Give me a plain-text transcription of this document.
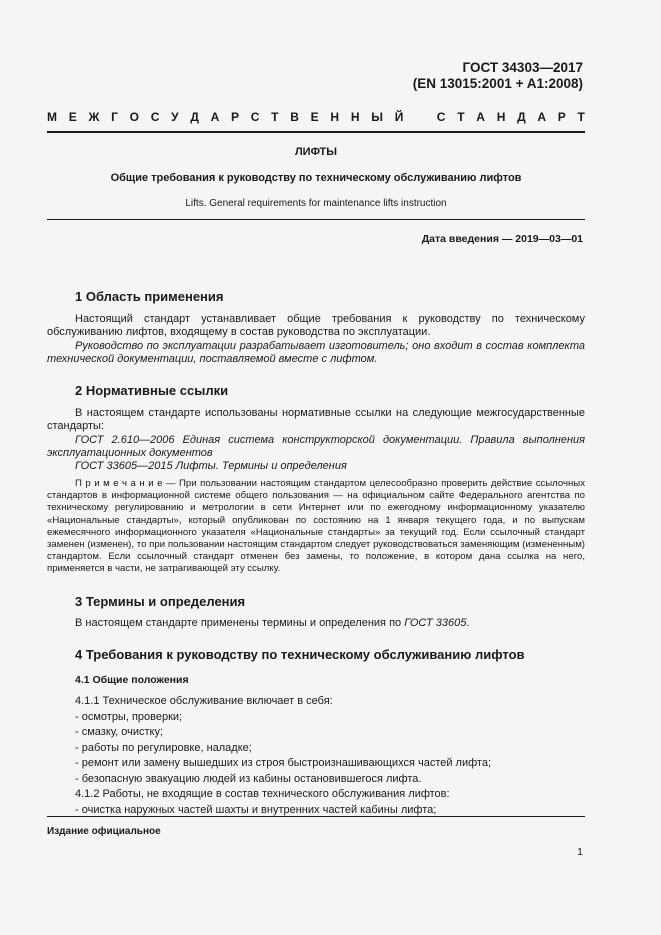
ГОСТ 34303—2017
(EN 13015:2001 + A1:2008)
М Е Ж Г О С У Д А Р С Т В Е Н Н Ы Й	С Т А Н Д А Р Т
ЛИФТЫ
Общие требования к руководству по техническому обслуживанию лифтов
Lifts. General requirements for maintenance lifts instruction
Дата введения — 2019—03—01
1 Область применения
Настоящий стандарт устанавливает общие требования к руководству по техническому обслуживанию лифтов, входящему в состав руководства по эксплуатации.
Руководство по эксплуатации разрабатывает изготовитель; оно входит в состав комплекта технической документации, поставляемой вместе с лифтом.
2 Нормативные ссылки
В настоящем стандарте использованы нормативные ссылки на следующие межгосударственные стандарты:
ГОСТ 2.610—2006 Единая система конструкторской документации. Правила выполнения эксплуатационных документов
ГОСТ 33605—2015 Лифты. Термины и определения
П р и м е ч а н и е — При пользовании настоящим стандартом целесообразно проверить действие ссылочных стандартов в информационной системе общего пользования — на официальном сайте Федерального агентства по техническому регулированию и метрологии в сети Интернет или по ежегодному информационному указателю «Национальные стандарты», который опубликован по состоянию на 1 января текущего года, и по выпускам ежемесячного информационного указателя «Национальные стандарты» за текущий год. Если ссылочный стандарт заменен (изменен), то при пользовании настоящим стандартом следует руководствоваться заменяющим (измененным) стандартом. Если ссылочный стандарт отменен без замены, то положение, в котором дана ссылка на него, применяется в части, не затрагивающей эту ссылку.
3 Термины и определения
В настоящем стандарте применены термины и определения по ГОСТ 33605.
4 Требования к руководству по техническому обслуживанию лифтов
4.1 Общие положения
4.1.1 Техническое обслуживание включает в себя:
- осмотры, проверки;
- смазку, очистку;
- работы по регулировке, наладке;
- ремонт или замену вышедших из строя быстроизнашивающихся частей лифта;
- безопасную эвакуацию людей из кабины остановившегося лифта.
4.1.2 Работы, не входящие в состав технического обслуживания лифтов:
- очистка наружных частей шахты и внутренних частей кабины лифта;
Издание официальное
1
